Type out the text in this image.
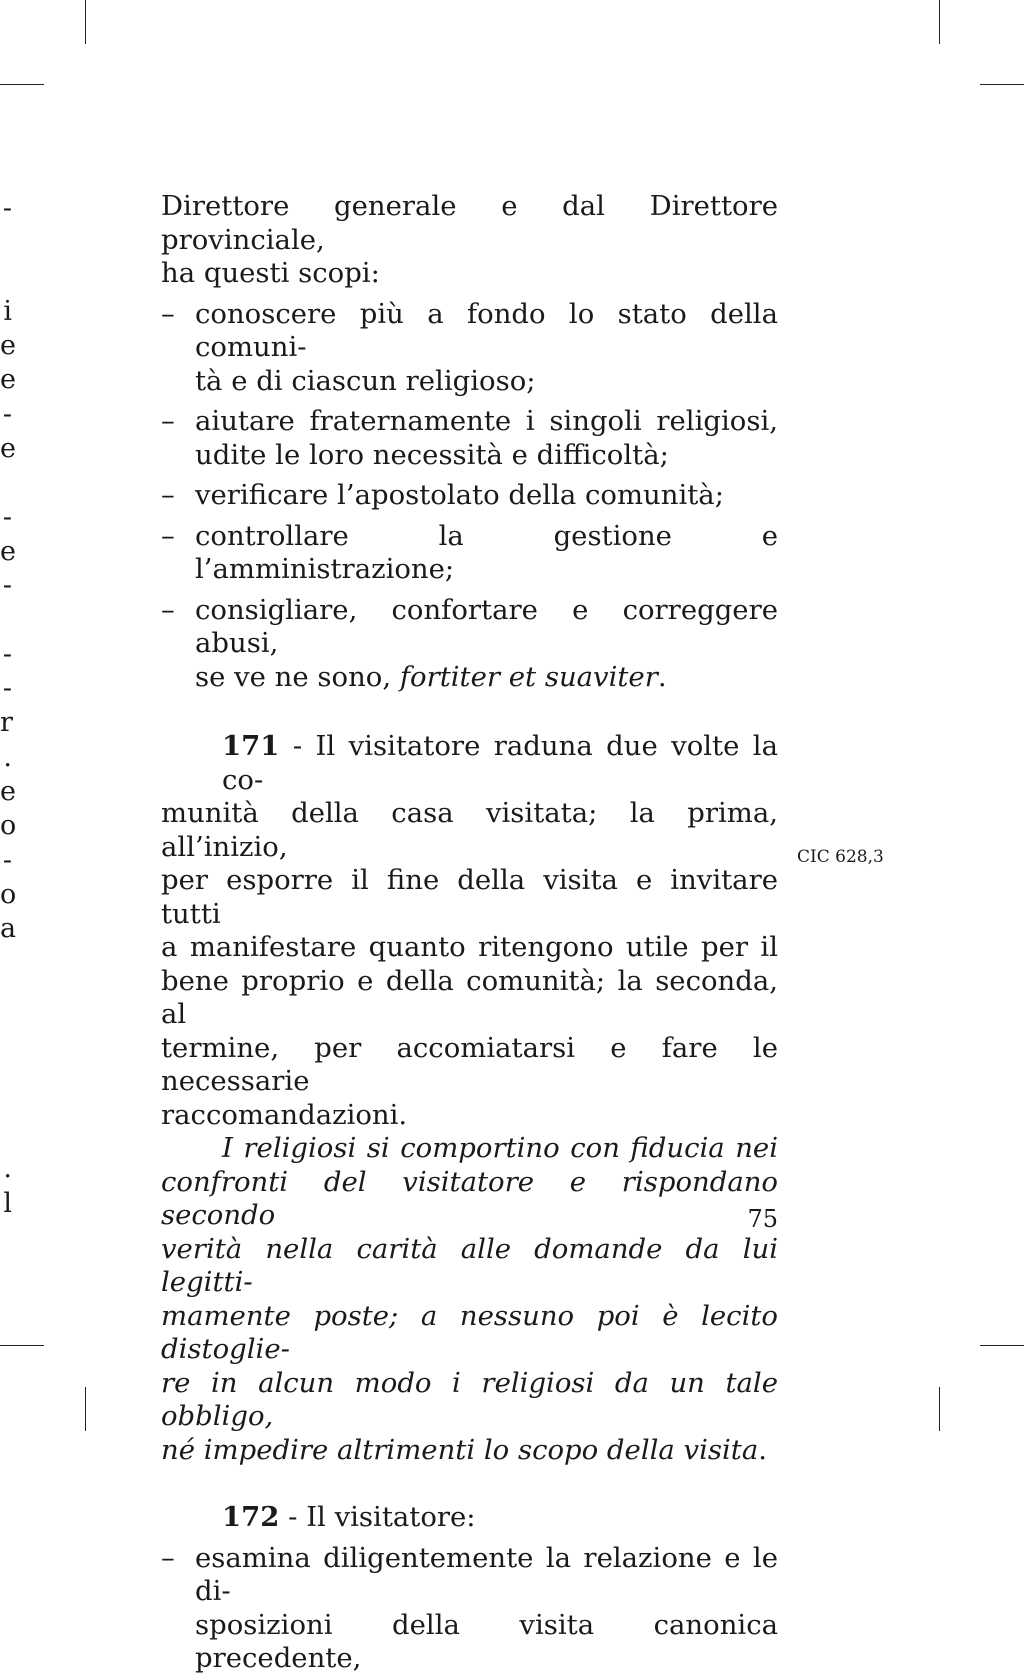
-
i
e
e
-
e
-
e
-
-
-
r
.
e
o
-
o
a
.
l

Direttore generale e dal Direttore provinciale,
ha questi scopi:

– conoscere più a fondo lo stato della comuni-
tà e di ciascun religioso;
– aiutare fraternamente i singoli religiosi,
udite le loro necessità e difficoltà;
– verificare l’apostolato della comunità;
– controllare la gestione e l’amministrazione;
– consigliare, confortare e correggere abusi,
se ve ne sono, fortiter et suaviter.

171 - Il visitatore raduna due volte la co-
munità della casa visitata; la prima, all’inizio,
per esporre il fine della visita e invitare tutti
a manifestare quanto ritengono utile per il
bene proprio e della comunità; la seconda, al
termine, per accomiatarsi e fare le necessarie
raccomandazioni.

I religiosi si comportino con fiducia nei
confronti del visitatore e rispondano secondo
verità nella carità alle domande da lui legitti-
mamente poste; a nessuno poi è lecito distoglie-
re in alcun modo i religiosi da un tale obbligo,
né impedire altrimenti lo scopo della visita.

172 - Il visitatore:

– esamina diligentemente la relazione e le di-
sposizioni della visita canonica precedente,
CIC 628,3
75
